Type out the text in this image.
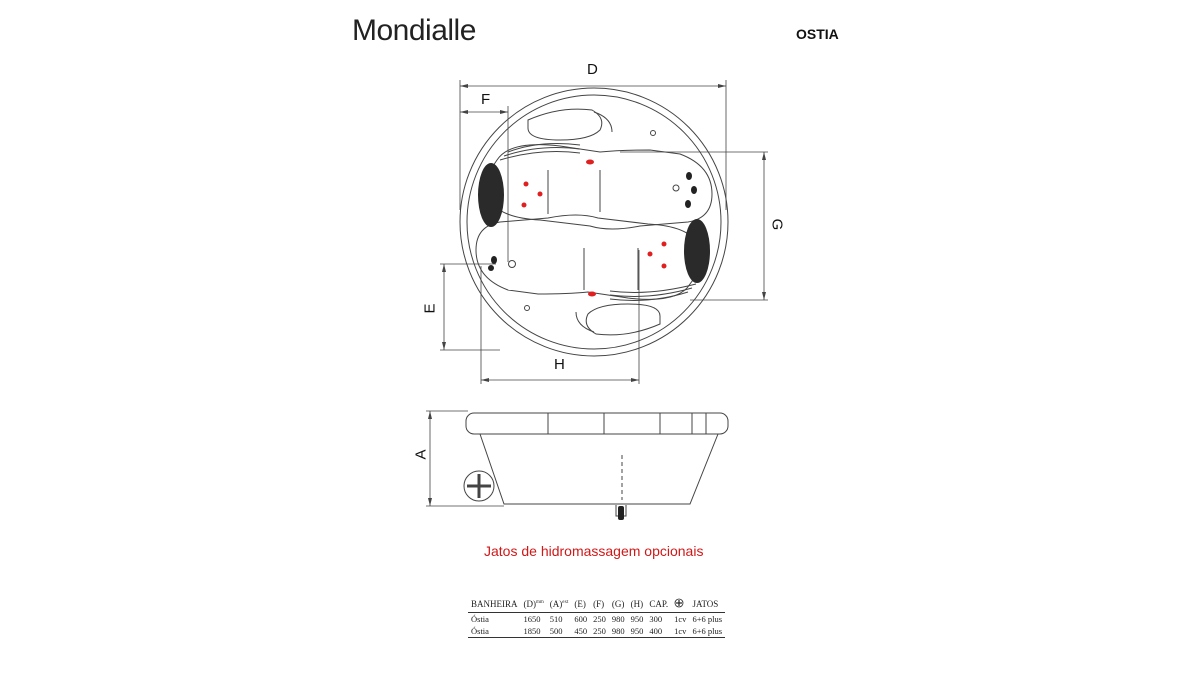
Mondialle	OSTIA
D
F
G
E
H
A
Jatos de hidromassagem opcionais
BANHEIRA	$(D)^{mm}$	$(A)^{ext}$	(E)	(F)	(G)	(H)	CAP.		JATOS
Óstia	1650	510	600	250	980	950	300	1cv	6+6 plus
Óstia	1850	500	450	250	980	950	400	1cv	6+6 plus
